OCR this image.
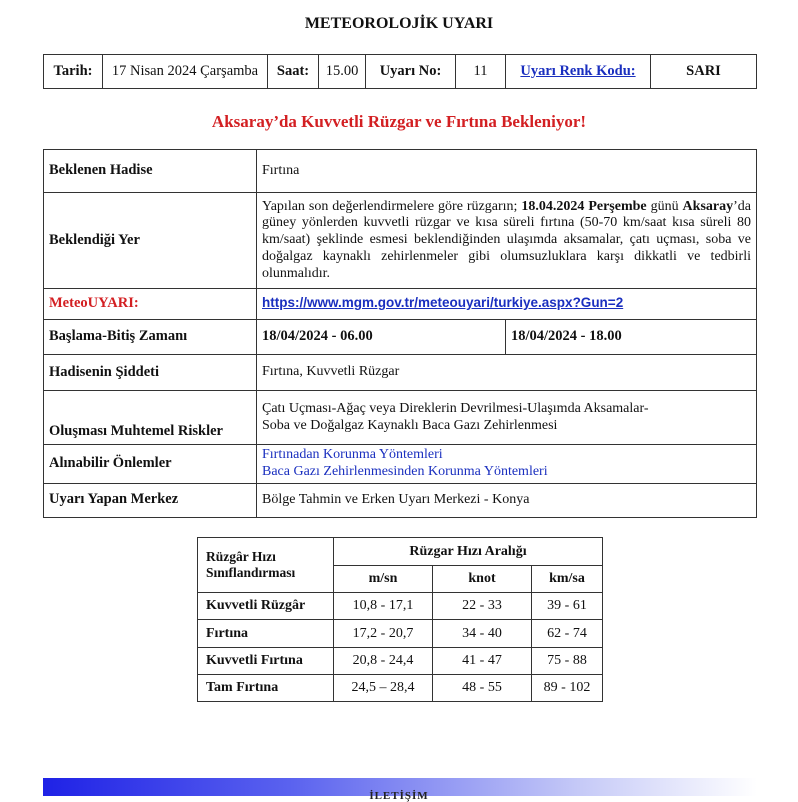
METEOROLOJİK UYARI
Tarih:	17 Nisan 2024 Çarşamba	Saat:	15.00	Uyarı No:	11	Uyarı Renk Kodu:	SARI
Aksaray’da Kuvvetli Rüzgar ve Fırtına Bekleniyor!
Beklenen Hadise	Fırtına	
Beklendiği Yer	Yapılan son değerlendirmelere göre rüzgarın; 18.04.2024 Perşembe günü Aksaray’da güney yönlerden kuvvetli rüzgar ve kısa süreli fırtına (50-70 km/saat kısa süreli 80 km/saat) şeklinde esmesi beklendiğinden ulaşımda aksamalar, çatı uçması, soba ve doğalgaz kaynaklı zehirlenmeler gibi olumsuzluklara karşı dikkatli ve tedbirli olunmalıdır.	
MeteoUYARI:	https://www.mgm.gov.tr/meteouyari/turkiye.aspx?Gun=2	
Başlama-Bitiş Zamanı	18/04/2024 - 06.00	18/04/2024 - 18.00
Hadisenin Şiddeti	Fırtına, Kuvvetli Rüzgar	
Oluşması Muhtemel Riskler	Çatı Uçması-Ağaç veya Direklerin Devrilmesi-Ulaşımda Aksamalar-
Soba ve Doğalgaz Kaynaklı Baca Gazı Zehirlenmesi	

Alınabilir Önlemler	Fırtınadan Korunma Yöntemleri
Baca Gazı Zehirlenmesinden Korunma Yöntemleri	

Uyarı Yapan Merkez	Bölge Tahmin ve Erken Uyarı Merkezi - Konya	
Rüzgâr Hızı
Sınıflandırması	Rüzgar Hızı Aralığı		
	m/sn	knot	km/sa
Kuvvetli Rüzgâr	10,8 - 17,1	22 - 33	39 - 61
Fırtına	17,2 - 20,7	34 - 40	62 - 74
Kuvvetli Fırtına	20,8 - 24,4	41 - 47	75 - 88
Tam Fırtına	24,5 – 28,4	48 - 55	89 - 102
İLETİŞİM
